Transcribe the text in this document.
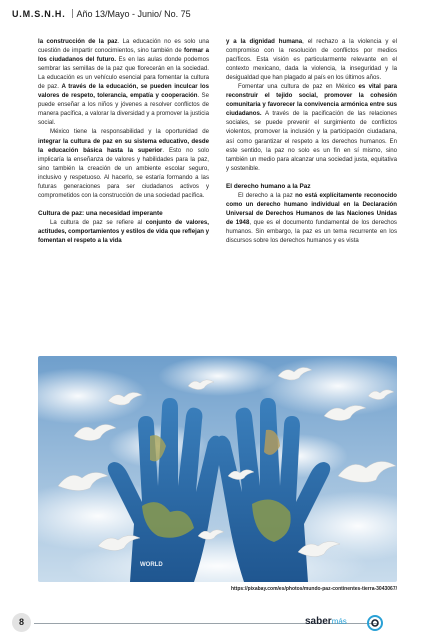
U.M.S.N.H. Año 13/Mayo - Junio/ No. 75

la construcción de la paz. La educación no es solo una cuestión de impartir conocimientos, sino también de formar a los ciudadanos del futuro. Es en las aulas donde podemos sembrar las semillas de la paz que florecerán en la sociedad. La educación es un vehículo esencial para fomentar la cultura de paz. A través de la educación, se pueden inculcar los valores de respeto, tolerancia, empatía y cooperación. Se puede enseñar a los niños y jóvenes a resolver conflictos de manera pacífica, a valorar la diversidad y a promover la justicia social.

México tiene la responsabilidad y la oportunidad de integrar la cultura de paz en su sistema educativo, desde la educación básica hasta la superior. Esto no solo implicaría la enseñanza de valores y habilidades para la paz, sino también la creación de un ambiente escolar seguro, inclusivo y respetuoso. Al hacerlo, se estaría formando a las futuras generaciones para ser ciudadanos activos y comprometidos con la construcción de una sociedad pacífica.

Cultura de paz: una necesidad imperante

La cultura de paz se refiere al conjunto de valores, actitudes, comportamientos y estilos de vida que reflejan y fomentan el respeto a la vida

y a la dignidad humana, el rechazo a la violencia y el compromiso con la resolución de conflictos por medios pacíficos. Esta visión es particularmente relevante en el contexto mexicano, dada la violencia, la inseguridad y la desigualdad que han plagado al país en los últimos años.

Fomentar una cultura de paz en México es vital para reconstruir el tejido social, promover la cohesión comunitaria y favorecer la convivencia armónica entre sus ciudadanos. A través de la pacificación de las relaciones sociales, se puede prevenir el surgimiento de conflictos violentos, promover la inclusión y la participación ciudadana, así como garantizar el respeto a los derechos humanos. En este sentido, la paz no solo es un fin en sí mismo, sino también un medio para alcanzar una sociedad justa, equitativa y sostenible.

El derecho humano a la Paz

El derecho a la paz no está explícitamente reconocido como un derecho humano individual en la Declaración Universal de Derechos Humanos de las Naciones Unidas de 1948, que es el documento fundamental de los derechos humanos. Sin embargo, la paz es un tema recurrente en los discursos sobre los derechos humanos y es vista

WORLD
https://pixabay.com/es/photos/mundo-paz-continentes-tierra-3043067/
8	sabermás
